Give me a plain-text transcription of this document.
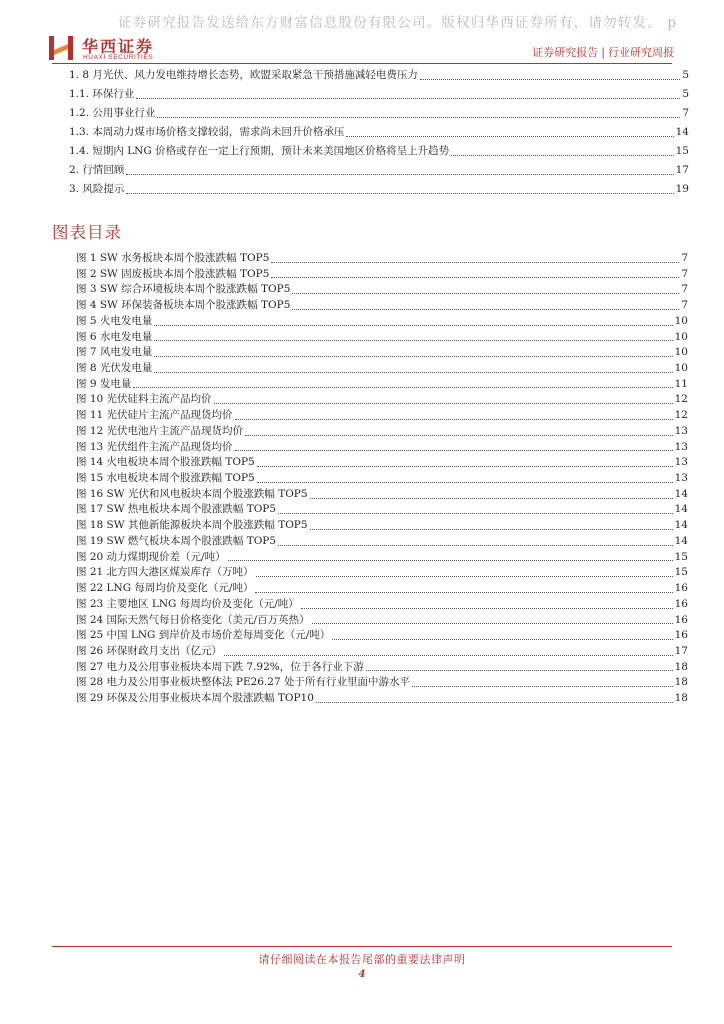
证券研究报告发送给东方财富信息股份有限公司。版权归华西证券所有，请勿转发。 p
华西证券
HUAXI SECURITIES	证券研究报告 | 行业研究周报
1. 8 月光伏、风力发电维持增长态势，欧盟采取紧急干预措施减轻电费压力	5
1.1. 环保行业	5
1.2. 公用事业行业	7
1.3. 本周动力煤市场价格支撑较弱，需求尚未回升价格承压	14
1.4. 短期内 LNG 价格或存在一定上行预期，预计未来美国地区价格将呈上升趋势	15
2. 行情回顾	17
3. 风险提示	19
图表目录
图 1 SW 水务板块本周个股涨跌幅 TOP5	7
图 2 SW 固废板块本周个股涨跌幅 TOP5	7
图 3 SW 综合环境板块本周个股涨跌幅 TOP5	7
图 4 SW 环保装备板块本周个股涨跌幅 TOP5	7
图 5 火电发电量	10
图 6 水电发电量	10
图 7 风电发电量	10
图 8 光伏发电量	10
图 9 发电量	11
图 10 光伏硅料主流产品均价	12
图 11 光伏硅片主流产品现货均价	12
图 12 光伏电池片主流产品现货均价	13
图 13 光伏组件主流产品现货均价	13
图 14 火电板块本周个股涨跌幅 TOP5	13
图 15 水电板块本周个股涨跌幅 TOP5	13
图 16 SW 光伏和风电板块本周个股涨跌幅 TOP5	14
图 17 SW 热电板块本周个股涨跌幅 TOP5	14
图 18 SW 其他新能源板块本周个股涨跌幅 TOP5	14
图 19 SW 燃气板块本周个股涨跌幅 TOP5	14
图 20 动力煤期现价差（元/吨）	15
图 21 北方四大港区煤炭库存（万吨）	15
图 22 LNG 每周均价及变化（元/吨）	16
图 23 主要地区 LNG 每周均价及变化（元/吨）	16
图 24 国际天然气每日价格变化（美元/百万英热）	16
图 25 中国 LNG 到岸价及市场价差每周变化（元/吨）	16
图 26 环保财政月支出（亿元）	17
图 27 电力及公用事业板块本周下跌 7.92%，位于各行业下游	18
图 28 电力及公用事业板块整体法 PE26.27 处于所有行业里面中游水平	18
图 29 环保及公用事业板块本周个股涨跌幅 TOP10	18
请仔细阅读在本报告尾部的重要法律声明
4
